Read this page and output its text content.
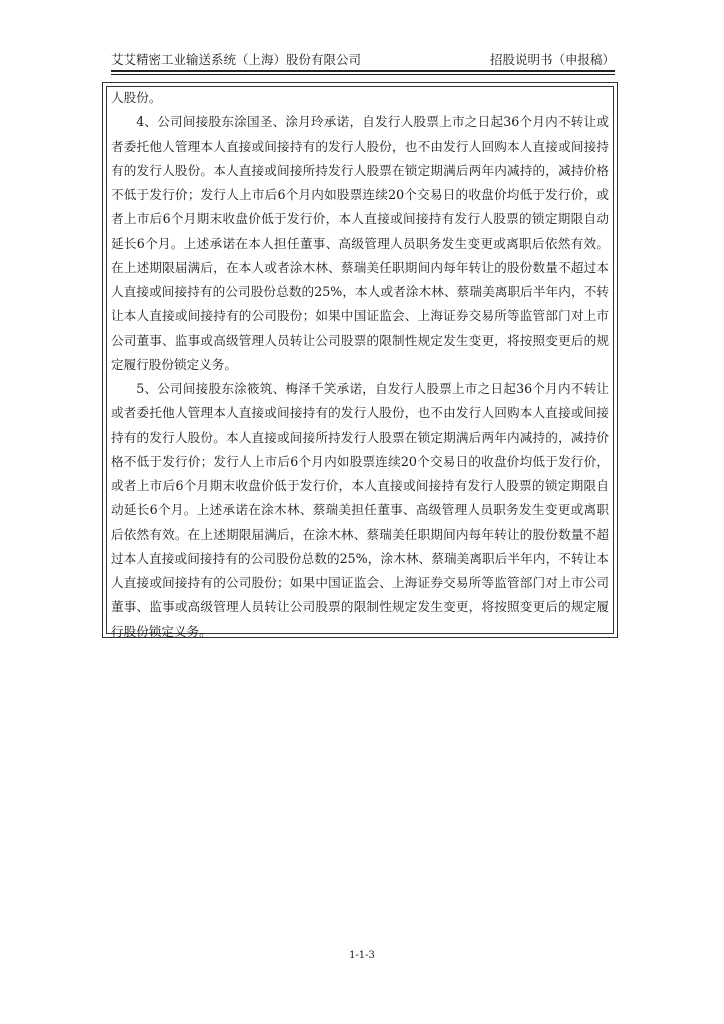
艾艾精密工业输送系统（上海）股份有限公司	招股说明书（申报稿）

人股份。

4、公司间接股东涂国圣、涂月玲承诺，自发行人股票上市之日起36个月内不转让或者委托他人管理本人直接或间接持有的发行人股份，也不由发行人回购本人直接或间接持有的发行人股份。本人直接或间接所持发行人股票在锁定期满后两年内减持的，减持价格不低于发行价；发行人上市后6个月内如股票连续20个交易日的收盘价均低于发行价，或者上市后6个月期末收盘价低于发行价，本人直接或间接持有发行人股票的锁定期限自动延长6个月。上述承诺在本人担任董事、高级管理人员职务发生变更或离职后依然有效。在上述期限届满后，在本人或者涂木林、蔡瑞美任职期间内每年转让的股份数量不超过本人直接或间接持有的公司股份总数的25%，本人或者涂木林、蔡瑞美离职后半年内，不转让本人直接或间接持有的公司股份；如果中国证监会、上海证券交易所等监管部门对上市公司董事、监事或高级管理人员转让公司股票的限制性规定发生变更，将按照变更后的规定履行股份锁定义务。

5、公司间接股东涂筱筑、梅泽千笑承诺，自发行人股票上市之日起36个月内不转让或者委托他人管理本人直接或间接持有的发行人股份，也不由发行人回购本人直接或间接持有的发行人股份。本人直接或间接所持发行人股票在锁定期满后两年内减持的，减持价格不低于发行价；发行人上市后6个月内如股票连续20个交易日的收盘价均低于发行价，或者上市后6个月期末收盘价低于发行价，本人直接或间接持有发行人股票的锁定期限自动延长6个月。上述承诺在涂木林、蔡瑞美担任董事、高级管理人员职务发生变更或离职后依然有效。在上述期限届满后，在涂木林、蔡瑞美任职期间内每年转让的股份数量不超过本人直接或间接持有的公司股份总数的25%，涂木林、蔡瑞美离职后半年内，不转让本人直接或间接持有的公司股份；如果中国证监会、上海证券交易所等监管部门对上市公司董事、监事或高级管理人员转让公司股票的限制性规定发生变更，将按照变更后的规定履行股份锁定义务。

1-1-3
